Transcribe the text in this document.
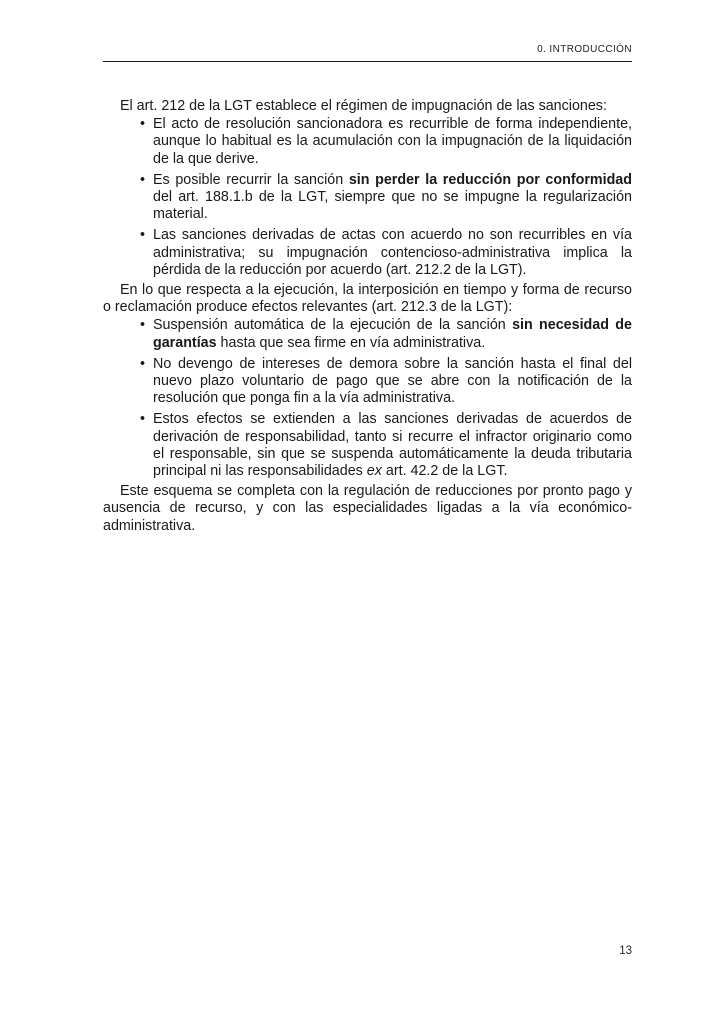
0. INTRODUCCIÓN

El art. 212 de la LGT establece el régimen de impugnación de las sanciones:

• El acto de resolución sancionadora es recurrible de forma independiente, aunque lo habitual es la acumulación con la impugnación de la liquidación de la que derive.
• Es posible recurrir la sanción sin perder la reducción por conformidad del art. 188.1.b de la LGT, siempre que no se impugne la regularización material.
• Las sanciones derivadas de actas con acuerdo no son recurribles en vía administrativa; su impugnación contencioso-administrativa implica la pérdida de la reducción por acuerdo (art. 212.2 de la LGT).

En lo que respecta a la ejecución, la interposición en tiempo y forma de recurso o reclamación produce efectos relevantes (art. 212.3 de la LGT):

• Suspensión automática de la ejecución de la sanción sin necesidad de garantías hasta que sea firme en vía administrativa.
• No devengo de intereses de demora sobre la sanción hasta el final del nuevo plazo voluntario de pago que se abre con la notificación de la resolución que ponga fin a la vía administrativa.
• Estos efectos se extienden a las sanciones derivadas de acuerdos de derivación de responsabilidad, tanto si recurre el infractor originario como el responsable, sin que se suspenda automáticamente la deuda tributaria principal ni las responsabilidades ex art. 42.2 de la LGT.

Este esquema se completa con la regulación de reducciones por pronto pago y ausencia de recurso, y con las especialidades ligadas a la vía económico-administrativa.

13
